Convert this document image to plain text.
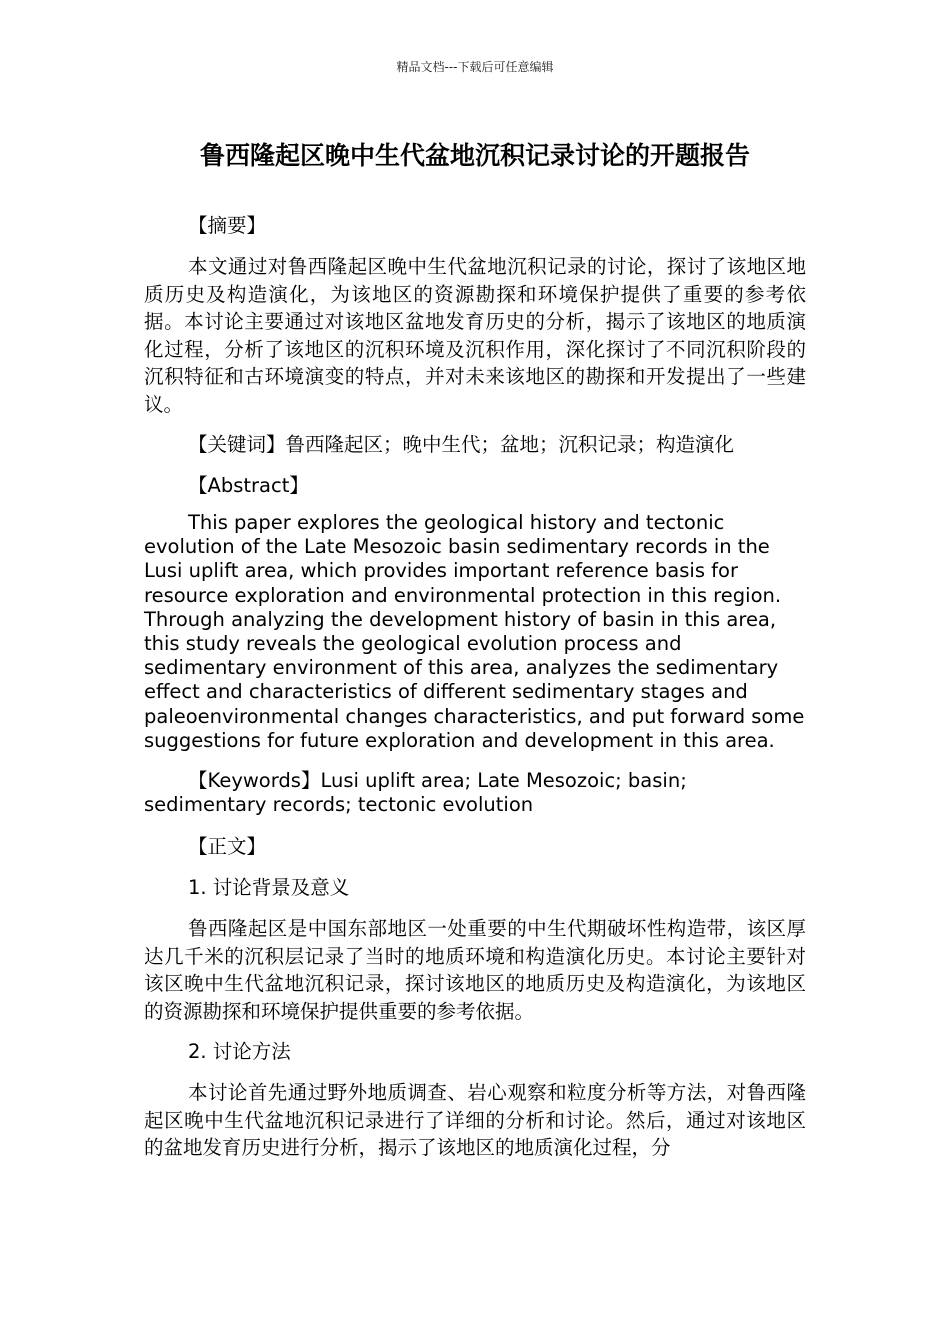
精品文档---下载后可任意编辑
鲁西隆起区晚中生代盆地沉积记录讨论的开题报告

【摘要】

本文通过对鲁西隆起区晚中生代盆地沉积记录的讨论，探讨了该地区地质历史及构造演化，为该地区的资源勘探和环境保护提供了重要的参考依据。本讨论主要通过对该地区盆地发育历史的分析，揭示了该地区的地质演化过程，分析了该地区的沉积环境及沉积作用，深化探讨了不同沉积阶段的沉积特征和古环境演变的特点，并对未来该地区的勘探和开发提出了一些建议。

【关键词】鲁西隆起区；晚中生代；盆地；沉积记录；构造演化

【Abstract】

This paper explores the geological history and tectonic evolution of the Late Mesozoic basin sedimentary records in the Lusi uplift area, which provides important reference basis for resource exploration and environmental protection in this region. Through analyzing the development history of basin in this area, this study reveals the geological evolution process and sedimentary environment of this area, analyzes the sedimentary effect and characteristics of different sedimentary stages and paleoenvironmental changes characteristics, and put forward some suggestions for future exploration and development in this area.

【Keywords】Lusi uplift area; Late Mesozoic; basin; sedimentary records; tectonic evolution

【正文】

1. 讨论背景及意义

鲁西隆起区是中国东部地区一处重要的中生代期破坏性构造带，该区厚达几千米的沉积层记录了当时的地质环境和构造演化历史。本讨论主要针对该区晚中生代盆地沉积记录，探讨该地区的地质历史及构造演化，为该地区的资源勘探和环境保护提供重要的参考依据。

2. 讨论方法

本讨论首先通过野外地质调查、岩心观察和粒度分析等方法，对鲁西隆起区晚中生代盆地沉积记录进行了详细的分析和讨论。然后，通过对该地区的盆地发育历史进行分析，揭示了该地区的地质演化过程，分
